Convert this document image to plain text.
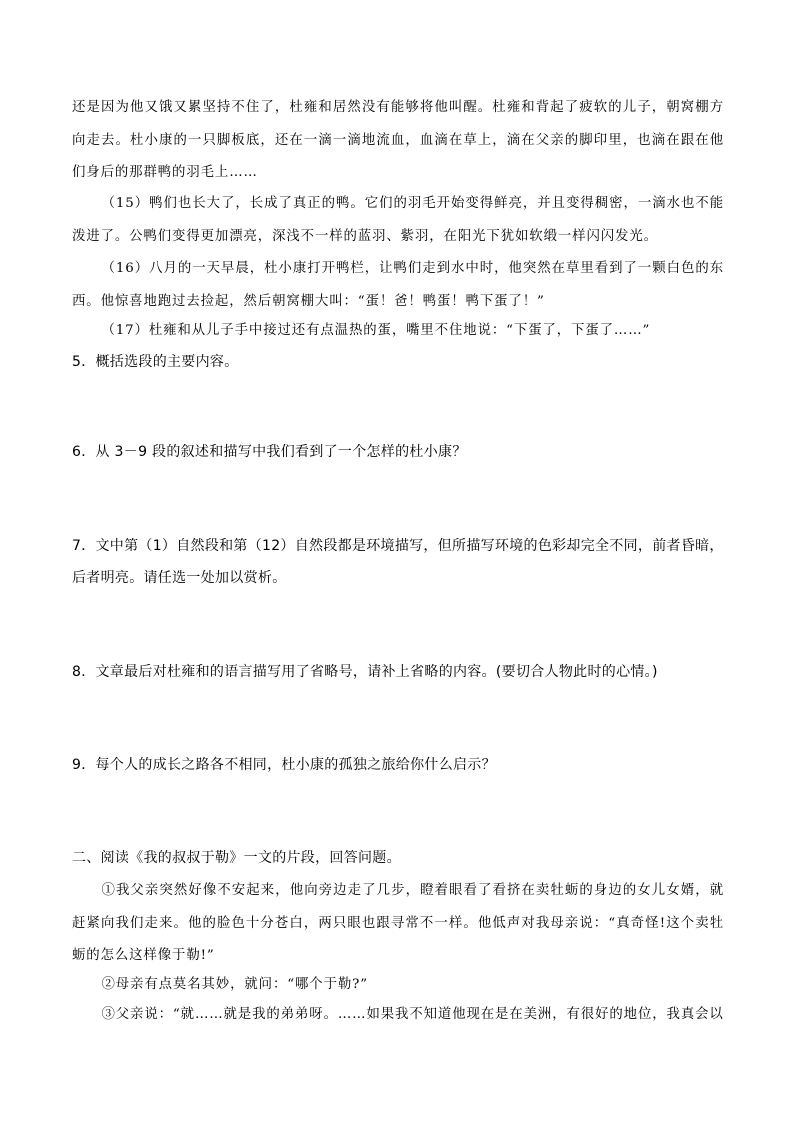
还是因为他又饿又累坚持不住了，杜雍和居然没有能够将他叫醒。杜雍和背起了疲软的儿子，朝窝棚方向走去。杜小康的一只脚板底，还在一滴一滴地流血，血滴在草上，滴在父亲的脚印里，也滴在跟在他们身后的那群鸭的羽毛上……

（15）鸭们也长大了，长成了真正的鸭。它们的羽毛开始变得鲜亮，并且变得稠密，一滴水也不能泼进了。公鸭们变得更加漂亮，深浅不一样的蓝羽、紫羽，在阳光下犹如软缎一样闪闪发光。

（16）八月的一天早晨，杜小康打开鸭栏，让鸭们走到水中时，他突然在草里看到了一颗白色的东西。他惊喜地跑过去捡起，然后朝窝棚大叫：“蛋！爸！鸭蛋！鸭下蛋了！”

（17）杜雍和从儿子手中接过还有点温热的蛋，嘴里不住地说：“下蛋了，下蛋了……”

5．概括选段的主要内容。

6．从 3－9 段的叙述和描写中我们看到了一个怎样的杜小康？

7．文中第（1）自然段和第（12）自然段都是环境描写，但所描写环境的色彩却完全不同，前者昏暗，后者明亮。请任选一处加以赏析。

8．文章最后对杜雍和的语言描写用了省略号，请补上省略的内容。(要切合人物此时的心情。)

9．每个人的成长之路各不相同，杜小康的孤独之旅给你什么启示？

二、阅读《我的叔叔于勒》一文的片段，回答问题。

①我父亲突然好像不安起来，他向旁边走了几步，瞪着眼看了看挤在卖牡蛎的身边的女儿女婿，就赶紧向我们走来。他的脸色十分苍白，两只眼也跟寻常不一样。他低声对我母亲说：“真奇怪!这个卖牡蛎的怎么这样像于勒!”

②母亲有点莫名其妙，就问：“哪个于勒?”

③父亲说：“就……就是我的弟弟呀。……如果我不知道他现在是在美洲，有很好的地位，我真会以
